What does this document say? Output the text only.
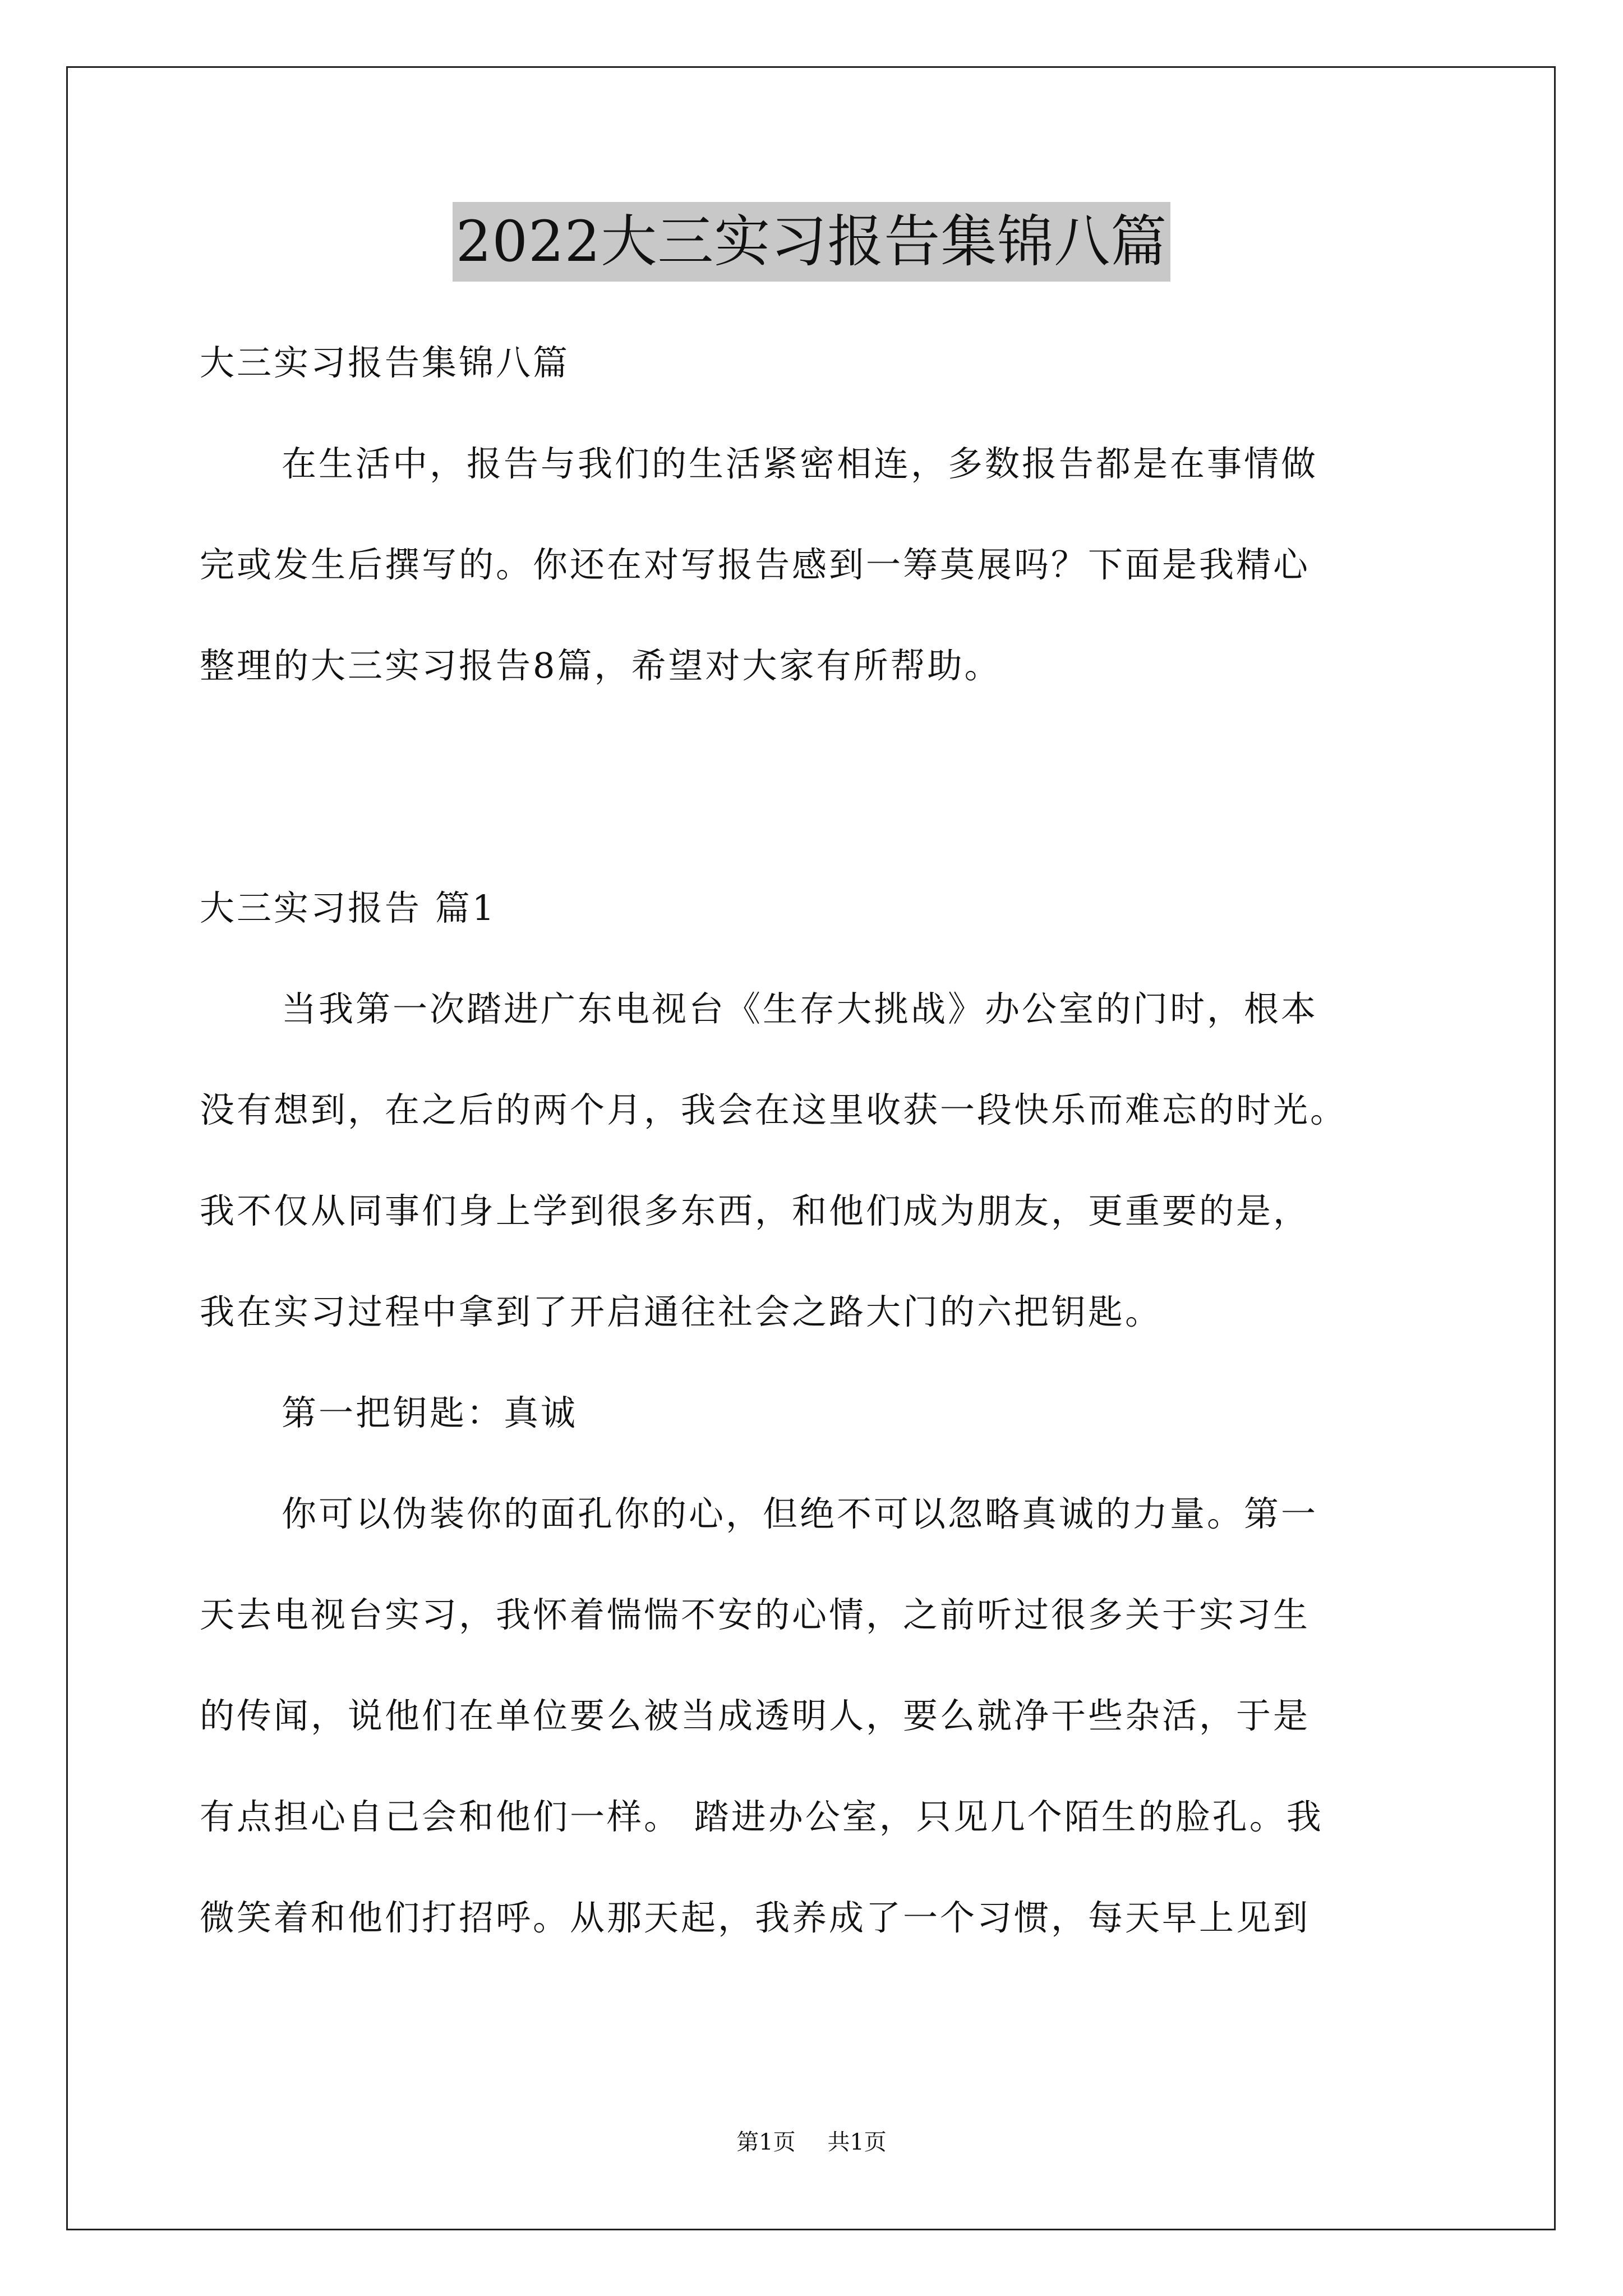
2022大三实习报告集锦八篇
大三实习报告集锦八篇
在生活中，报告与我们的生活紧密相连，多数报告都是在事情做
完或发生后撰写的。你还在对写报告感到一筹莫展吗？下面是我精心
整理的大三实习报告8篇，希望对大家有所帮助。
大三实习报告 篇1
当我第一次踏进广东电视台《生存大挑战》办公室的门时，根本
没有想到，在之后的两个月，我会在这里收获一段快乐而难忘的时光。
我不仅从同事们身上学到很多东西，和他们成为朋友，更重要的是，
我在实习过程中拿到了开启通往社会之路大门的六把钥匙。
第一把钥匙：真诚
你可以伪装你的面孔你的心，但绝不可以忽略真诚的力量。第一
天去电视台实习，我怀着惴惴不安的心情，之前听过很多关于实习生
的传闻，说他们在单位要么被当成透明人，要么就净干些杂活，于是
有点担心自己会和他们一样。 踏进办公室，只见几个陌生的脸孔。我
微笑着和他们打招呼。从那天起，我养成了一个习惯，每天早上见到
第1页 共1页
